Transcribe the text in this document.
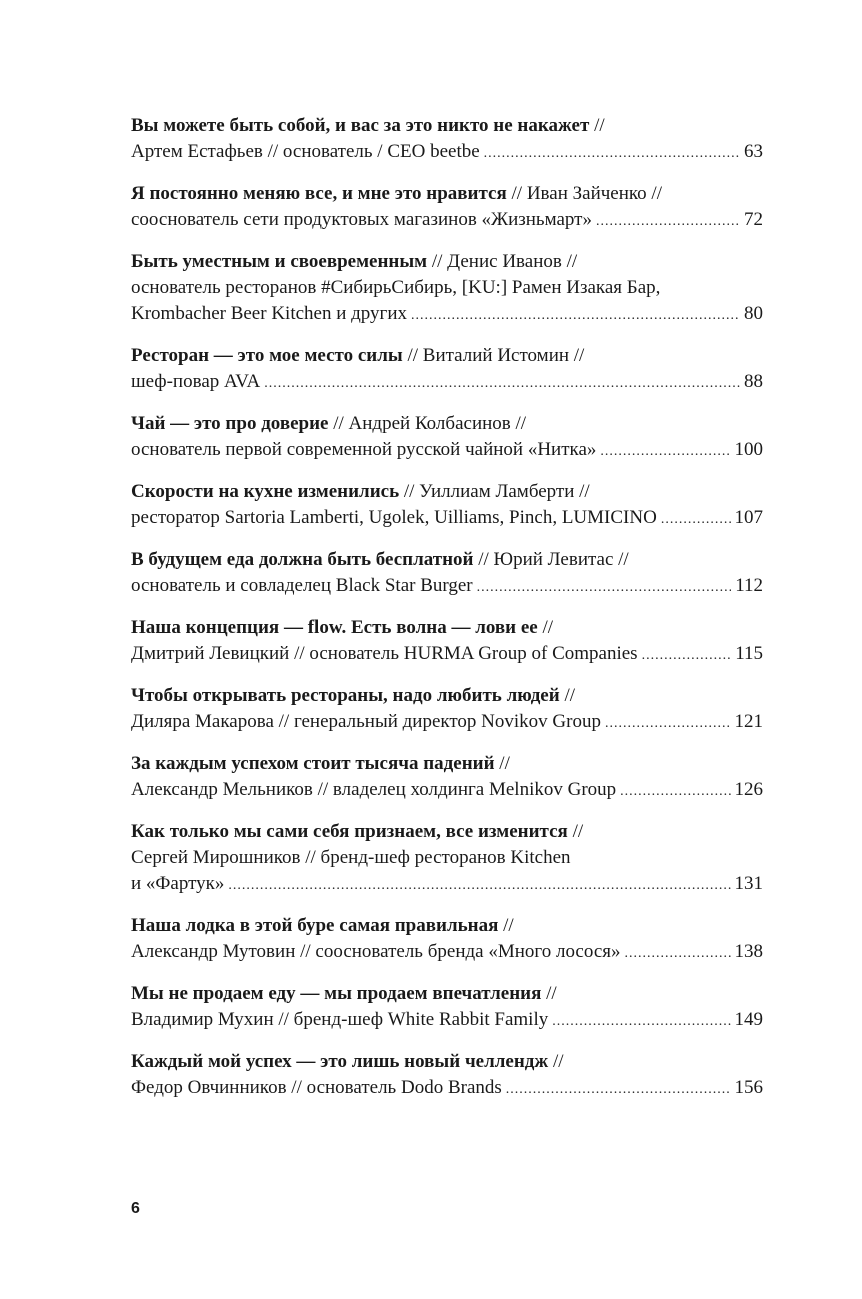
Вы можете быть собой, и вас за это никто не накажет //
Артем Естафьев // основатель / CEO beetbe .....	63
Я постоянно меняю все, и мне это нравится // Иван Зайченко //
сооснователь сети продуктовых магазинов «Жизньмарт» .....	72
Быть уместным и своевременным // Денис Иванов //
основатель ресторанов #СибирьСибирь, [KU:] Рамен Изакая Бар,
Krombacher Beer Kitchen и других .....	80
Ресторан — это мое место силы // Виталий Истомин //
шеф-повар AVA .....	88
Чай — это про доверие // Андрей Колбасинов //
основатель первой современной русской чайной «Нитка» .....	100
Скорости на кухне изменились // Уиллиам Ламберти //
ресторатор Sartoria Lamberti, Ugolek, Uilliams, Pinch, LUMICINO .....	107
В будущем еда должна быть бесплатной // Юрий Левитас //
основатель и совладелец Black Star Burger .....	112
Наша концепция — flow. Есть волна — лови ее //
Дмитрий Левицкий // основатель HURMA Group of Companies .....	115
Чтобы открывать рестораны, надо любить людей //
Диляра Макарова // генеральный директор Novikov Group .....	121
За каждым успехом стоит тысяча падений //
Александр Мельников // владелец холдинга Melnikov Group .....	126
Как только мы сами себя признаем, все изменится //
Сергей Мирошников // бренд-шеф ресторанов Kitchen
и «Фартук» .....	131
Наша лодка в этой буре самая правильная //
Александр Мутовин // сооснователь бренда «Много лосося» .....	138
Мы не продаем еду — мы продаем впечатления //
Владимир Мухин // бренд-шеф White Rabbit Family .....	149
Каждый мой успех — это лишь новый челлендж //
Федор Овчинников // основатель Dodo Brands .....	156
6
